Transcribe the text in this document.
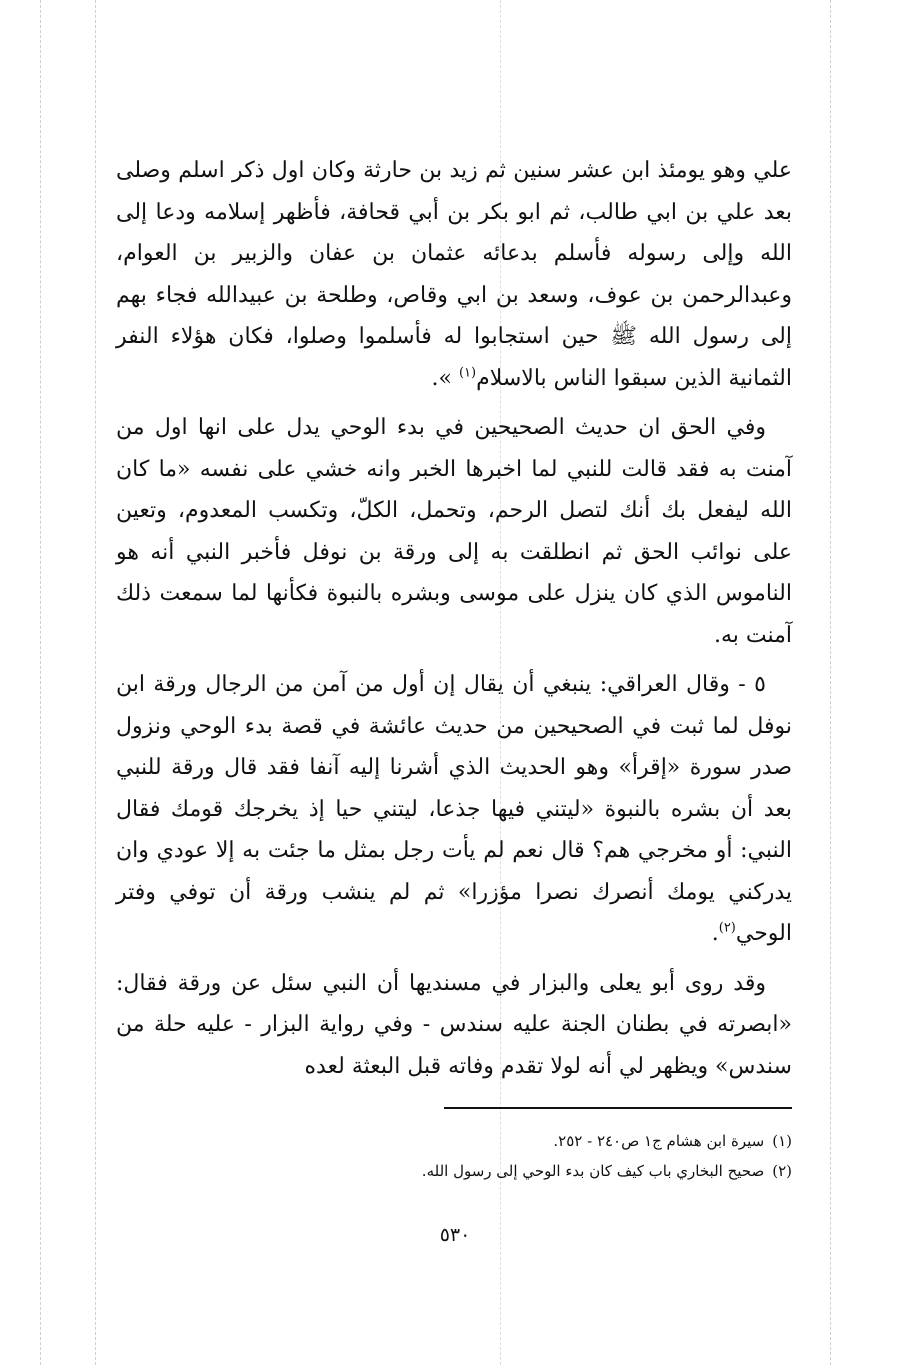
علي وهو يومئذ ابن عشر سنين ثم زيد بن حارثة وكان اول ذكر اسلم وصلى بعد علي بن ابي طالب، ثم ابو بكر بن أبي قحافة، فأظهر إسلامه ودعا إلى الله وإلى رسوله فأسلم بدعائه عثمان بن عفان والزبير بن العوام، وعبدالرحمن بن عوف، وسعد بن ابي وقاص، وطلحة بن عبيدالله فجاء بهم إلى رسول الله ﷺ حين استجابوا له فأسلموا وصلوا، فكان هؤلاء النفر الثمانية الذين سبقوا الناس بالاسلام$^{(١)}$ ».

وفي الحق ان حديث الصحيحين في بدء الوحي يدل على انها اول من آمنت به فقد قالت للنبي لما اخبرها الخبر وانه خشي على نفسه «ما كان الله ليفعل بك أنك لتصل الرحم، وتحمل، الكلّ، وتكسب المعدوم، وتعين على نوائب الحق ثم انطلقت به إلى ورقة بن نوفل فأخبر النبي أنه هو الناموس الذي كان ينزل على موسى وبشره بالنبوة فكأنها لما سمعت ذلك آمنت به.

٥ - وقال العراقي: ينبغي أن يقال إن أول من آمن من الرجال ورقة ابن نوفل لما ثبت في الصحيحين من حديث عائشة في قصة بدء الوحي ونزول صدر سورة «إقرأ» وهو الحديث الذي أشرنا إليه آنفا فقد قال ورقة للنبي بعد أن بشره بالنبوة «ليتني فيها جذعا، ليتني حيا إذ يخرجك قومك فقال النبي: أو مخرجي هم؟ قال نعم لم يأت رجل بمثل ما جئت به إلا عودي وان يدركني يومك أنصرك نصرا مؤزرا» ثم لم ينشب ورقة أن توفي وفتر الوحي$^{(٢)}$.

وقد روى أبو يعلى والبزار في مسنديها أن النبي سئل عن ورقة فقال: «ابصرته في بطنان الجنة عليه سندس - وفي رواية البزار - عليه حلة من سندس» ويظهر لي أنه لولا تقدم وفاته قبل البعثة لعده

(١)سيرة ابن هشام ج١ ص٢٤٠ - ٢٥٢.
(٢)صحيح البخاري باب كيف كان بدء الوحي إلى رسول الله.
٥٣٠
